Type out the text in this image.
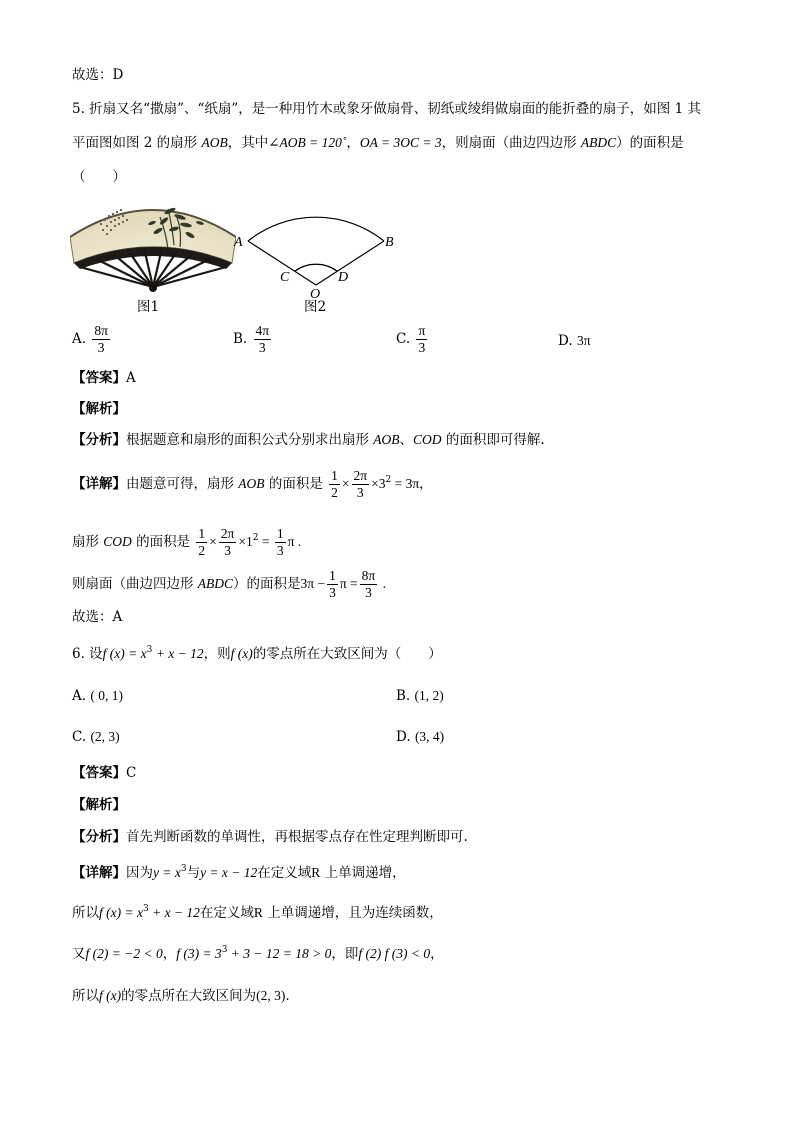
故选：D
5. 折扇又名“撒扇”、“纸扇”，是一种用竹木或象牙做扇骨、韧纸或绫绢做扇面的能折叠的扇子，如图 1 其
平面图如图 2 的扇形 AOB，其中∠AOB = 120˚，OA = 3OC = 3，则扇面（曲边四边形 ABDC）的面积是
（　　）
图1
A	B
C	D
O
图2
A. $\frac{8\pi}{3}$	B. $\frac{4\pi}{3}$	C. $\frac{\pi}{3}$	D. 3π
【答案】A
【解析】
【分析】根据题意和扇形的面积公式分别求出扇形 AOB、COD 的面积即可得解.
【详解】由题意可得，扇形 AOB 的面积是 $\frac{1}{2} \times \frac{2\pi}{3} \times 3^2 = 3\pi$，
扇形 COD 的面积是 $\frac{1}{2} \times \frac{2\pi}{3} \times 1^2 = \frac{1}{3}$ π .
则扇面（曲边四边形 ABDC）的面积是$3\pi - \frac{1}{3}$ $\pi = \frac{8\pi}{3}$ .
故选：A
6. 设f $(x) = x^3 + x - 12$，则f (x)的零点所在大致区间为（　　）
A. ( 0, 1)	B. (1, 2)
C. (2, 3)	D. (3, 4)
【答案】C
【解析】
【分析】首先判断函数的单调性，再根据零点存在性定理判断即可.
【详解】因为$y = x^3$与y = x − 12在定义域R 上单调递增，
所以f $(x) = x^3 + x - 12$在定义域R 上单调递增，且为连续函数，
又f (2) = −2 < 0，f $(3) = 3^3 + 3 - 12 = 18 > 0$，即f (2) f (3) < 0，
所以f (x)的零点所在大致区间为(2, 3).
